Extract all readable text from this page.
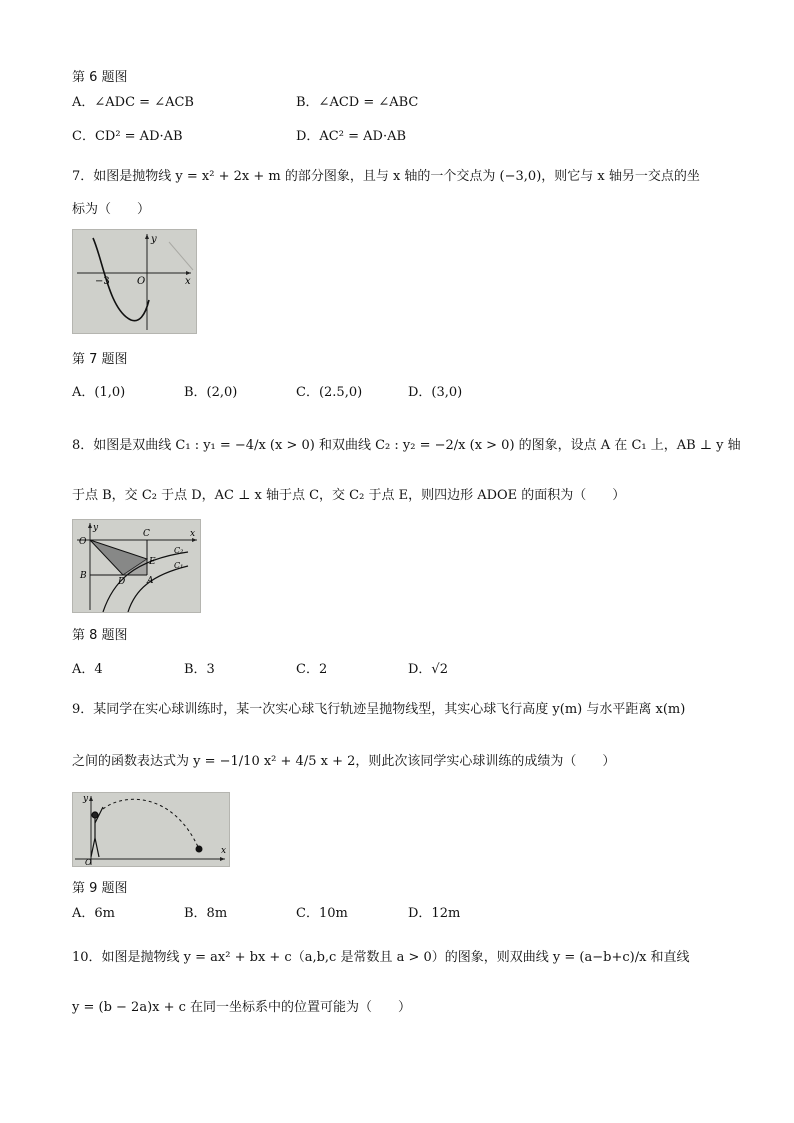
第 6 题图
A．∠ADC = ∠ACB	B．∠ACD = ∠ABC
C．CD² = AD·AB	D．AC² = AD·AB
7．如图是抛物线 y = x² + 2x + m 的部分图象，且与 x 轴的一个交点为 (−3,0)，则它与 x 轴另一交点的坐
标为（　　）
y
x
−3	O
第 7 题图
A．(1,0)	B．(2,0)	C．(2.5,0)	D．(3,0)
8．如图是双曲线 C₁ : y₁ = −4/x (x > 0) 和双曲线 C₂ : y₂ = −2/x (x > 0) 的图象，设点 A 在 C₁ 上，AB ⊥ y 轴
于点 B，交 C₂ 于点 D，AC ⊥ x 轴于点 C，交 C₂ 于点 E，则四边形 ADOE 的面积为（　　）
y
x
O
C
B
D
E
A
C₂
C₁
第 8 题图
A．4	B．3	C．2	D．√2
9．某同学在实心球训练时，某一次实心球飞行轨迹呈抛物线型，其实心球飞行高度 y(m) 与水平距离 x(m)
之间的函数表达式为 y = −1/10 x² + 4/5 x + 2，则此次该同学实心球训练的成绩为（　　）
y
x
O
第 9 题图
A．6m	B．8m	C．10m	D．12m
10．如图是抛物线 y = ax² + bx + c（a,b,c 是常数且 a > 0）的图象，则双曲线 y = (a−b+c)/x 和直线
y = (b − 2a)x + c 在同一坐标系中的位置可能为（　　）
